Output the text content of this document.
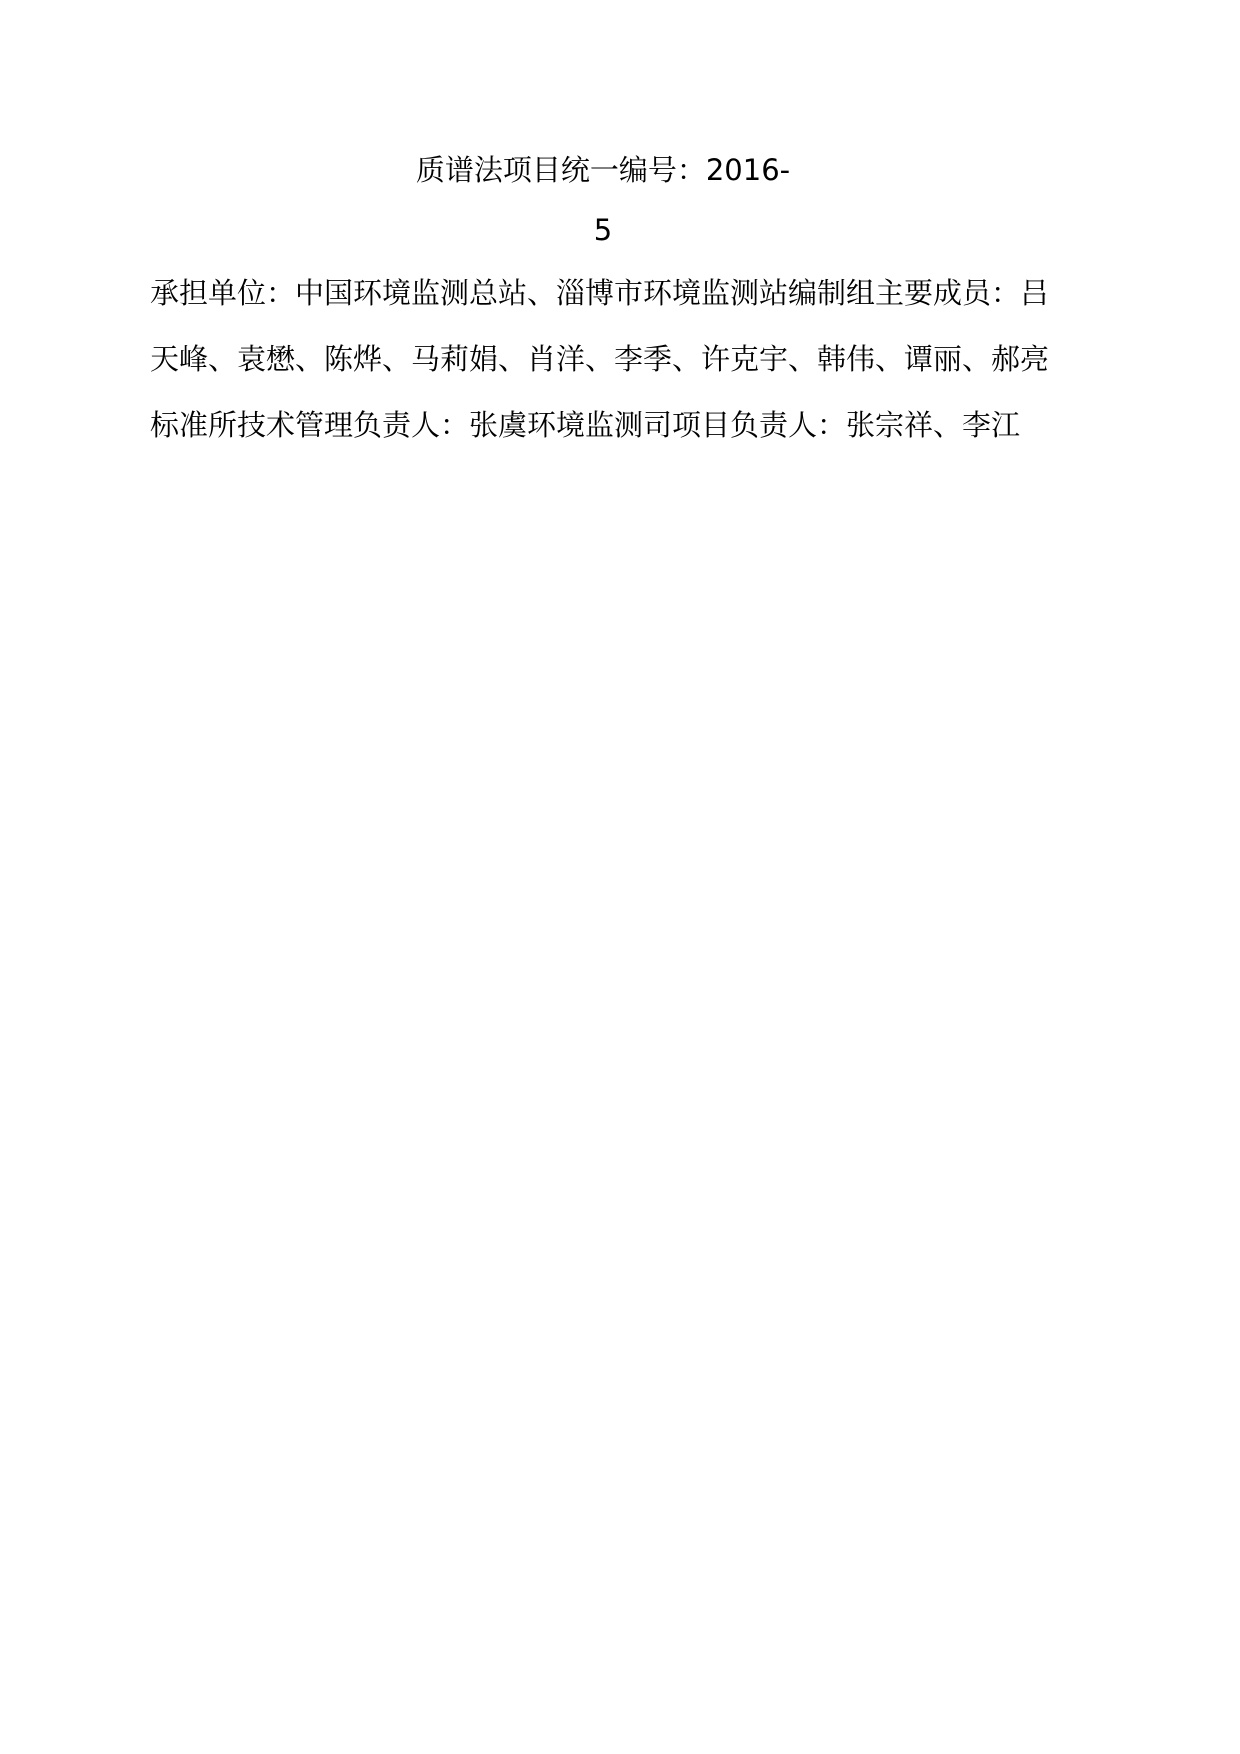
质谱法项目统一编号：2016-
5
承担单位：中国环境监测总站、淄博市环境监测站编制组主要成员：吕
天峰、袁懋、陈烨、马莉娟、肖洋、李季、许克宇、韩伟、谭丽、郝亮
标准所技术管理负责人：张虞环境监测司项目负责人：张宗祥、李江
